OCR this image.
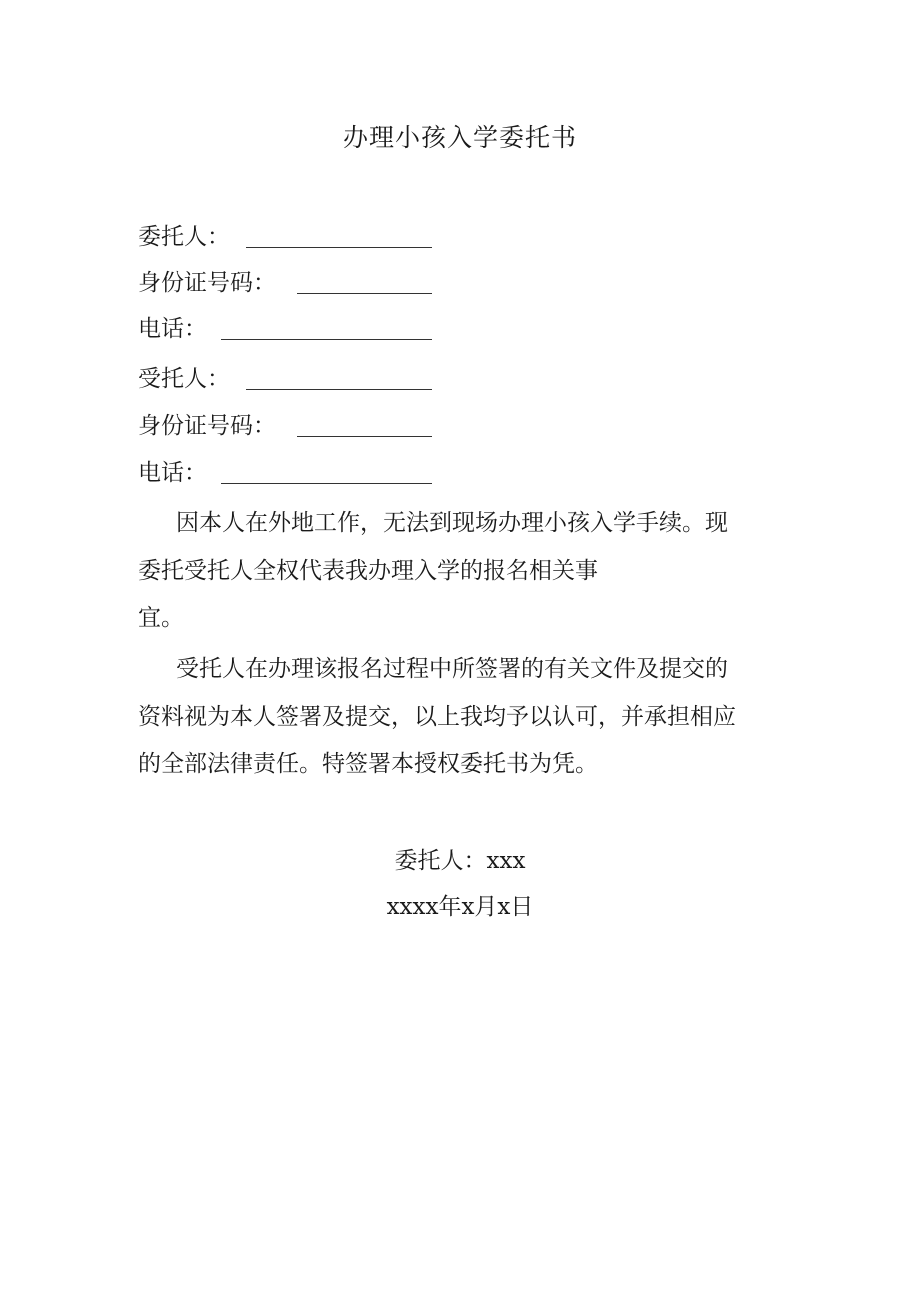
办理小孩入学委托书
委托人：
身份证号码：
电话：
受托人：
身份证号码：
电话：

因本人在外地工作，无法到现场办理小孩入学手续。现
委托受托人全权代表我办理入学的报名相关事
宜。

受托人在办理该报名过程中所签署的有关文件及提交的
资料视为本人签署及提交，以上我均予以认可，并承担相应
的全部法律责任。特签署本授权委托书为凭。

委托人：xxx
xxxx年x月x日
